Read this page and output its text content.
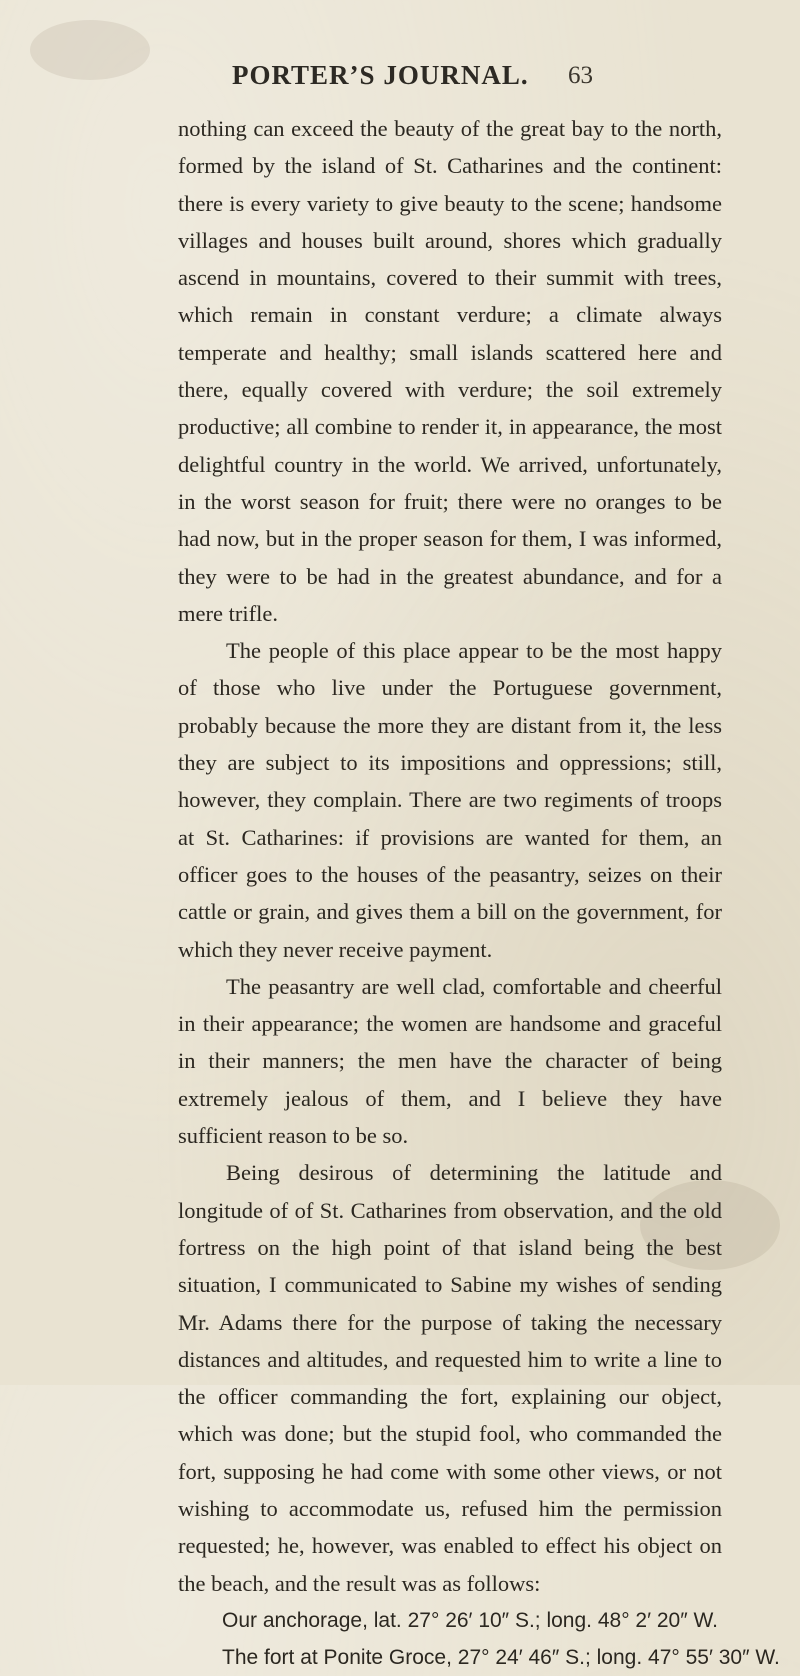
PORTER’S JOURNAL. 63

nothing can exceed the beauty of the great bay to the north, formed by the island of St. Catharines and the continent: there is every variety to give beauty to the scene; handsome villages and houses built around, shores which gradually ascend in mountains, covered to their summit with trees, which remain in constant verdure; a climate always temperate and healthy; small islands scattered here and there, equally covered with verdure; the soil extremely productive; all combine to render it, in appearance, the most delightful country in the world. We arrived, unfortunately, in the worst season for fruit; there were no oranges to be had now, but in the proper season for them, I was informed, they were to be had in the greatest abundance, and for a mere trifle.

The people of this place appear to be the most happy of those who live under the Portuguese government, probably because the more they are distant from it, the less they are subject to its impositions and oppressions; still, however, they complain. There are two regiments of troops at St. Catharines: if provisions are wanted for them, an officer goes to the houses of the peasantry, seizes on their cattle or grain, and gives them a bill on the government, for which they never receive payment.

The peasantry are well clad, comfortable and cheerful in their appearance; the women are handsome and graceful in their manners; the men have the character of being extremely jealous of them, and I believe they have sufficient reason to be so.

Being desirous of determining the latitude and longitude of of St. Catharines from observation, and the old fortress on the high point of that island being the best situation, I communicated to Sabine my wishes of sending Mr. Adams there for the purpose of taking the necessary distances and altitudes, and requested him to write a line to the officer commanding the fort, explaining our object, which was done; but the stupid fool, who commanded the fort, supposing he had come with some other views, or not wishing to accommodate us, refused him the permission requested; he, however, was enabled to effect his object on the beach, and the result was as follows:

Our anchorage, lat. 27° 26′ 10″ S.; long. 48° 2′ 20″ W.

The fort at Ponite Groce, 27° 24′ 46″ S.; long. 47° 55′ 30″ W.
